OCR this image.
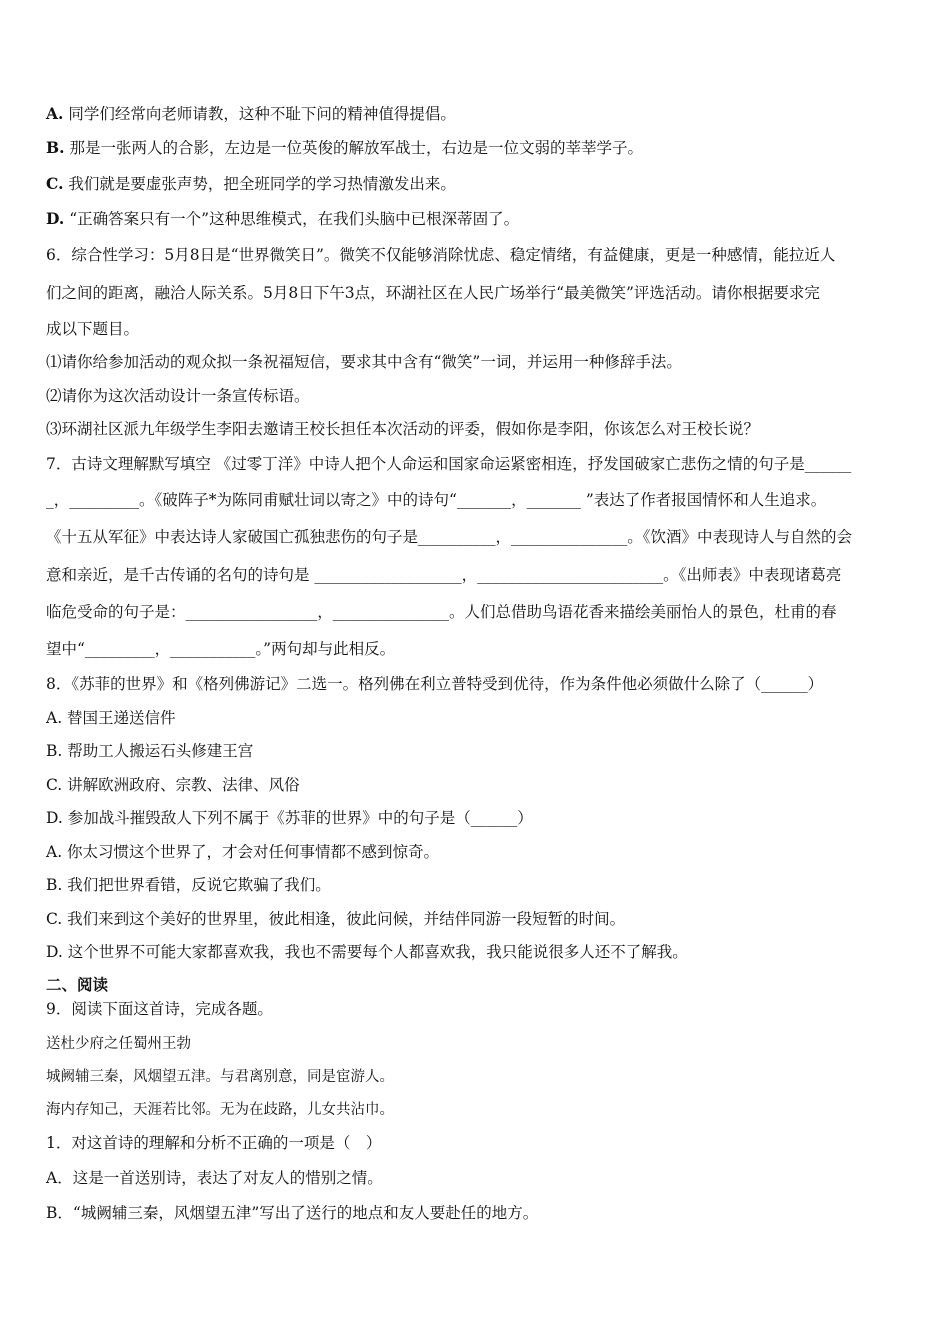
A. 同学们经常向老师请教，这种不耻下问的精神值得提倡。
B. 那是一张两人的合影，左边是一位英俊的解放军战士，右边是一位文弱的莘莘学子。
C. 我们就是要虚张声势，把全班同学的学习热情激发出来。
D. “正确答案只有一个”这种思维模式，在我们头脑中已根深蒂固了。
6．综合性学习：5月8日是“世界微笑日”。微笑不仅能够消除忧虑、稳定情绪，有益健康，更是一种感情，能拉近人
们之间的距离，融洽人际关系。5月8日下午3点，环湖社区在人民广场举行“最美微笑”评选活动。请你根据要求完
成以下题目。
⑴请你给参加活动的观众拟一条祝福短信，要求其中含有“微笑”一词，并运用一种修辞手法。
⑵请你为这次活动设计一条宣传标语。
⑶环湖社区派九年级学生李阳去邀请王校长担任本次活动的评委，假如你是李阳，你该怎么对王校长说？
7．古诗文理解默写填空 《过零丁洋》中诗人把个人命运和国家命运紧密相连，抒发国破家亡悲伤之情的句子是______
_，_________。《破阵子*为陈同甫赋壮词以寄之》中的诗句“_______，_______ ”表达了作者报国情怀和人生追求。
《十五从军征》中表达诗人家破国亡孤独悲伤的句子是__________，_______________。《饮酒》中表现诗人与自然的会
意和亲近，是千古传诵的名句的诗句是 ___________________，________________________。《出师表》中表现诸葛亮
临危受命的句子是：_________________，_______________。人们总借助鸟语花香来描绘美丽怡人的景色，杜甫的春
望中“_________，___________。”两句却与此相反。
8．《苏菲的世界》和《格列佛游记》二选一。格列佛在利立普特受到优待，作为条件他必须做什么除了（______）
A. 替国王递送信件
B. 帮助工人搬运石头修建王宫
C. 讲解欧洲政府、宗教、法律、风俗
D. 参加战斗摧毁敌人下列不属于《苏菲的世界》中的句子是（______）
A. 你太习惯这个世界了，才会对任何事情都不感到惊奇。
B. 我们把世界看错，反说它欺骗了我们。
C. 我们来到这个美好的世界里，彼此相逢，彼此问候，并结伴同游一段短暂的时间。
D. 这个世界不可能大家都喜欢我，我也不需要每个人都喜欢我，我只能说很多人还不了解我。
二、阅读
9．阅读下面这首诗，完成各题。
送杜少府之任蜀州王勃
城阙辅三秦，风烟望五津。与君离别意，同是宦游人。
海内存知己，天涯若比邻。无为在歧路，儿女共沾巾。
1．对这首诗的理解和分析不正确的一项是（　）
A．这是一首送别诗，表达了对友人的惜别之情。
B．“城阙辅三秦，风烟望五津”写出了送行的地点和友人要赴任的地方。
